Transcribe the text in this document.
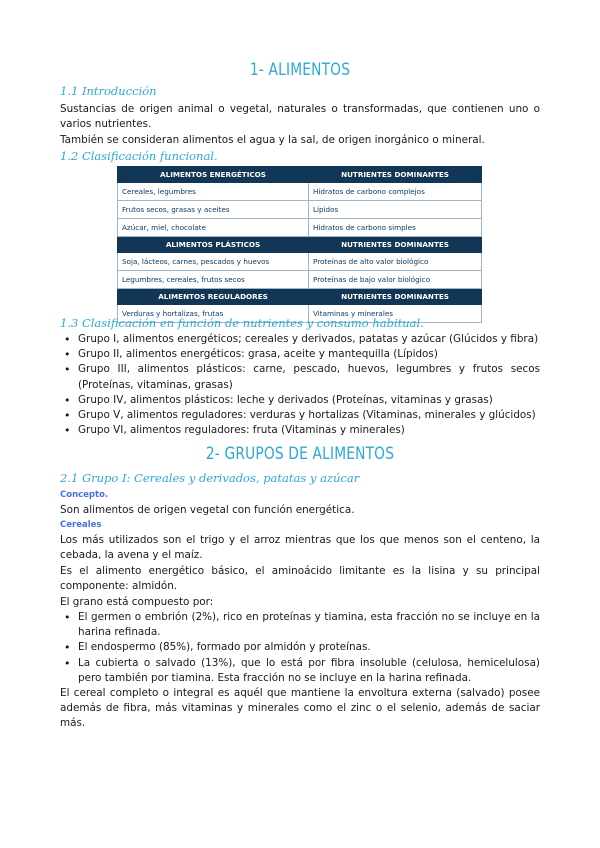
1- ALIMENTOS
1.1 Introducción

Sustancias de origen animal o vegetal, naturales o transformadas, que contienen uno o varios nutrientes.

También se consideran alimentos el agua y la sal, de origen inorgánico o mineral.

1.2 Clasificación funcional.
ALIMENTOS ENERGÉTICOS	NUTRIENTES DOMINANTES
Cereales, legumbres	Hidratos de carbono complejos
Frutos secos, grasas y aceites	Lípidos
Azúcar, miel, chocolate	Hidratos de carbono simples
ALIMENTOS PLÁSTICOS	NUTRIENTES DOMINANTES
Soja, lácteos, carnes, pescados y huevos	Proteínas de alto valor biológico
Legumbres, cereales, frutos secos	Proteínas de bajo valor biológico
ALIMENTOS REGULADORES	NUTRIENTES DOMINANTES
Verduras y hortalizas, frutas	Vitaminas y minerales
1.3 Clasificación en función de nutrientes y consumo habitual.
• Grupo I, alimentos energéticos; cereales y derivados, patatas y azúcar (Glúcidos y fibra)
• Grupo II, alimentos energéticos: grasa, aceite y mantequilla (Lípidos)
• Grupo III, alimentos plásticos: carne, pescado, huevos, legumbres y frutos secos (Proteínas, vitaminas, grasas)
• Grupo IV, alimentos plásticos: leche y derivados (Proteínas, vitaminas y grasas)
• Grupo V, alimentos reguladores: verduras y hortalizas (Vitaminas, minerales y glúcidos)
• Grupo VI, alimentos reguladores: fruta (Vitaminas y minerales)
2- GRUPOS DE ALIMENTOS
2.1 Grupo I: Cereales y derivados, patatas y azúcar
Concepto.

Son alimentos de origen vegetal con función energética.

Cereales

Los más utilizados son el trigo y el arroz mientras que los que menos son el centeno, la cebada, la avena y el maíz.

Es el alimento energético básico, el aminoácido limitante es la lisina y su principal componente: almidón.

El grano está compuesto por:

• El germen o embrión (2%), rico en proteínas y tiamina, esta fracción no se incluye en la harina refinada.
• El endospermo (85%), formado por almidón y proteínas.
• La cubierta o salvado (13%), que lo está por fibra insoluble (celulosa, hemicelulosa) pero también por tiamina. Esta fracción no se incluye en la harina refinada.

El cereal completo o integral es aquél que mantiene la envoltura externa (salvado) posee además de fibra, más vitaminas y minerales como el zinc o el selenio, además de saciar más.
